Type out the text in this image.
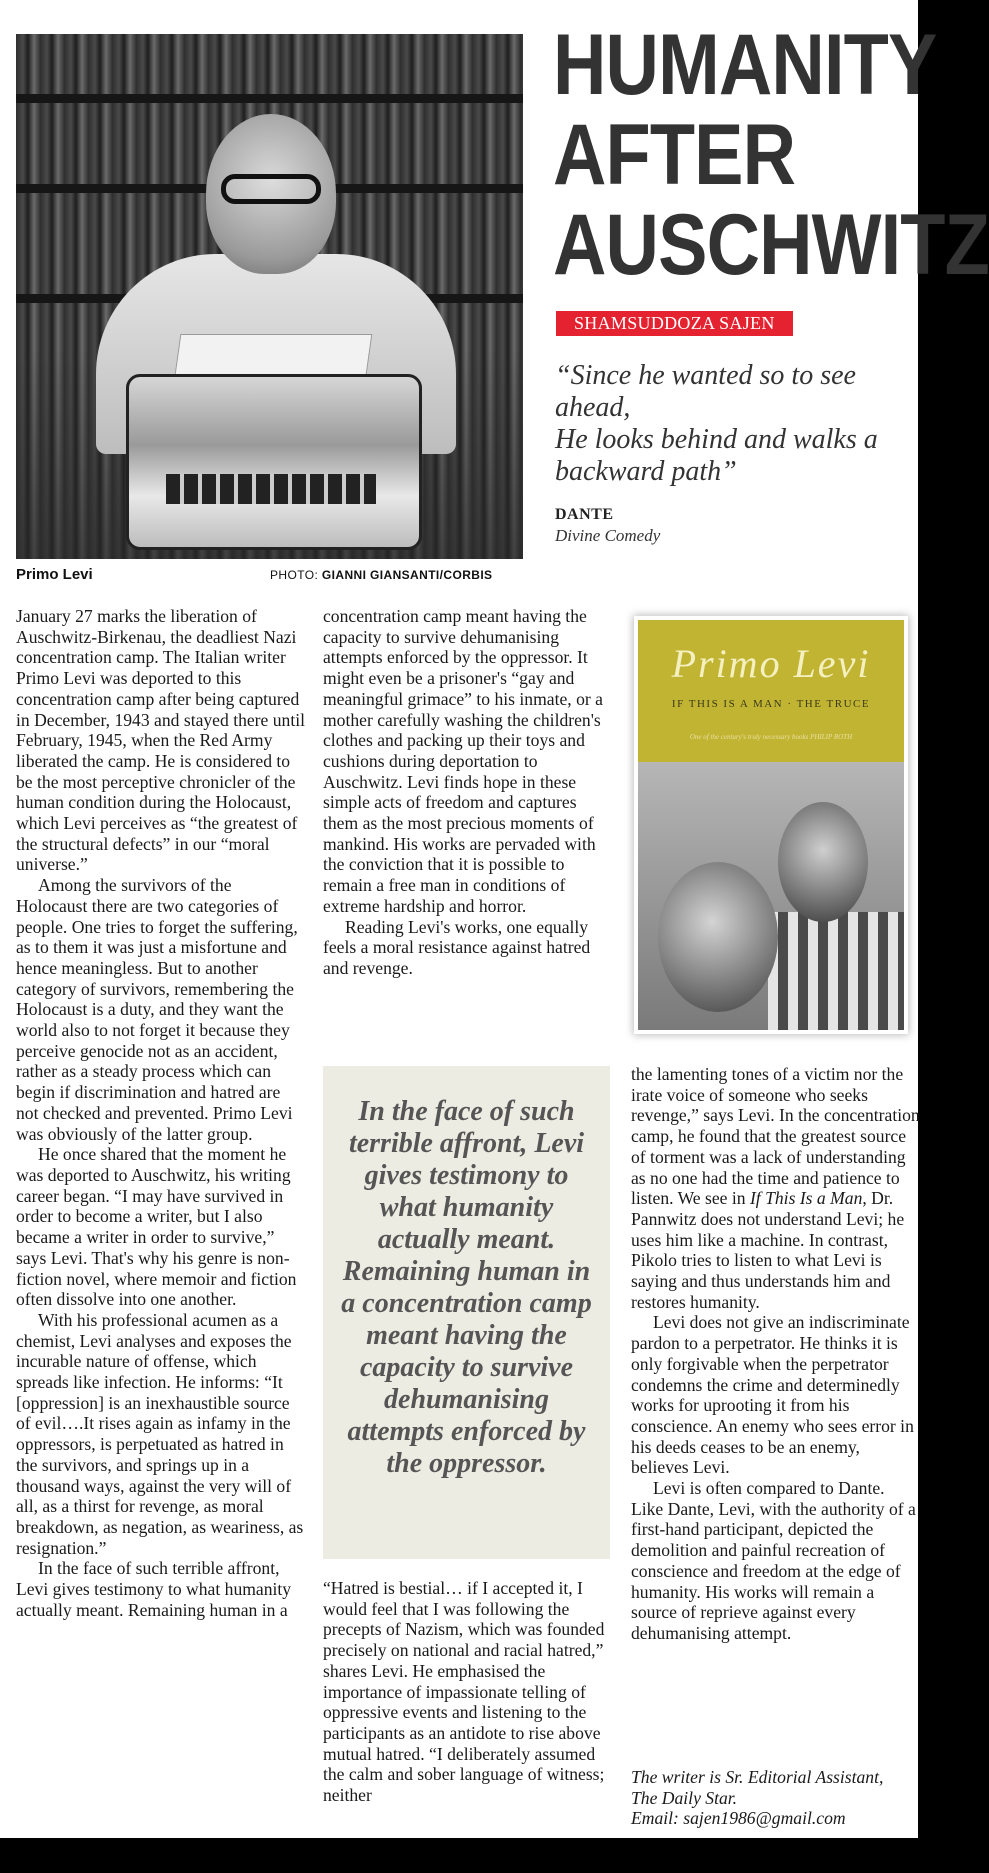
Primo Levi	PHOTO: GIANNI GIANSANTI/CORBIS
HUMANITY
AFTER
AUSCHWITZ
SHAMSUDDOZA SAJEN
“Since he wanted so to see ahead,
He looks behind and walks a backward path”
DANTE
Divine Comedy

January 27 marks the liberation of Auschwitz-Birkenau, the deadliest Nazi concentration camp. The Italian writer Primo Levi was deported to this concentration camp after being captured in December, 1943 and stayed there until February, 1945, when the Red Army liberated the camp. He is considered to be the most perceptive chronicler of the human condition during the Holocaust, which Levi perceives as “the greatest of the structural defects” in our “moral universe.”

Among the survivors of the Holocaust there are two categories of people. One tries to forget the suffering, as to them it was just a misfortune and hence meaningless. But to another category of survivors, remembering the Holocaust is a duty, and they want the world also to not forget it because they perceive genocide not as an accident, rather as a steady process which can begin if discrimination and hatred are not checked and prevented. Primo Levi was obviously of the latter group.

He once shared that the moment he was deported to Auschwitz, his writing career began. “I may have survived in order to become a writer, but I also became a writer in order to survive,” says Levi. That's why his genre is non-fiction novel, where memoir and fiction often dissolve into one another.

With his professional acumen as a chemist, Levi analyses and exposes the incurable nature of offense, which spreads like infection. He informs: “It [oppression] is an inexhaustible source of evil….It rises again as infamy in the oppressors, is perpetuated as hatred in the survivors, and springs up in a thousand ways, against the very will of all, as a thirst for revenge, as moral breakdown, as negation, as weariness, as resignation.”

In the face of such terrible affront, Levi gives testimony to what humanity actually meant. Remaining human in a

concentration camp meant having the capacity to survive dehumanising attempts enforced by the oppressor. It might even be a prisoner's “gay and meaningful grimace” to his inmate, or a mother carefully washing the children's clothes and packing up their toys and cushions during deportation to Auschwitz. Levi finds hope in these simple acts of freedom and captures them as the most precious moments of mankind. His works are pervaded with the conviction that it is possible to remain a free man in conditions of extreme hardship and horror.

Reading Levi's works, one equally feels a moral resistance against hatred and revenge.

Primo Levi
IF THIS IS A MAN · THE TRUCE
One of the century's truly necessary books PHILIP ROTH
In the face of such terrible affront, Levi gives testimony to what humanity actually meant. Remaining human in a concentration camp meant having the capacity to survive dehumanising attempts enforced by the oppressor.

“Hatred is bestial… if I accepted it, I would feel that I was following the precepts of Nazism, which was founded precisely on national and racial hatred,” shares Levi. He emphasised the importance of impassionate telling of oppressive events and listening to the participants as an antidote to rise above mutual hatred. “I deliberately assumed the calm and sober language of witness; neither

the lamenting tones of a victim nor the irate voice of someone who seeks revenge,” says Levi. In the concentration camp, he found that the greatest source of torment was a lack of understanding as no one had the time and patience to listen. We see in If This Is a Man, Dr. Pannwitz does not understand Levi; he uses him like a machine. In contrast, Pikolo tries to listen to what Levi is saying and thus understands him and restores humanity.

Levi does not give an indiscriminate pardon to a perpetrator. He thinks it is only forgivable when the perpetrator condemns the crime and determinedly works for uprooting it from his conscience. An enemy who sees error in his deeds ceases to be an enemy, believes Levi.

Levi is often compared to Dante. Like Dante, Levi, with the authority of a first-hand participant, depicted the demolition and painful recreation of conscience and freedom at the edge of humanity. His works will remain a source of reprieve against every dehumanising attempt.

The writer is Sr. Editorial Assistant,
The Daily Star.
Email: sajen1986@gmail.com
